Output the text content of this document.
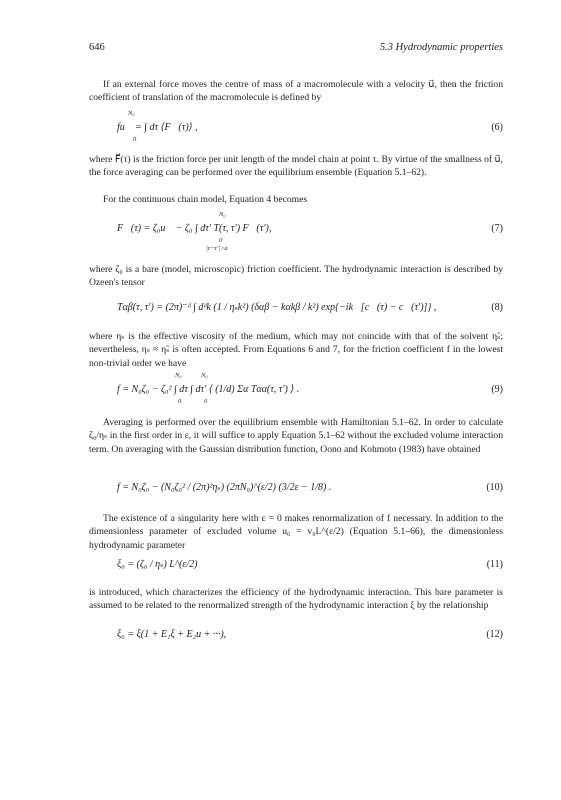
646	5.3 Hydrodynamic properties

If an external force moves the centre of mass of a macromolecule with a velocity u⃗, then the friction coefficient of translation of the macromolecule is defined by

N₀
fu⃗ = ∫ dτ ⟨F⃗(τ)⟩ ,
0
(6)

where F⃗(τ) is the friction force per unit length of the model chain at point τ. By virtue of the smallness of u⃗, the force averaging can be performed over the equilibrium ensemble (Equation 5.1–62).

For the continuous chain model, Equation 4 becomes

N₀
F⃗(τ) = ζ₀u⃗ − ζ₀ ∫ dτ′ T(τ, τ′) F⃗(τ′),
0
|τ−τ′|>a
(7)

where ζ₀ is a bare (model, microscopic) friction coefficient. The hydrodynamic interaction is described by Ozeen's tensor

Tαβ(τ, τ′) = (2π)⁻ᵈ ∫ dᵈk (1 / ηₛk²) (δαβ − kαkβ / k²) exp{−ik⃗[c⃗(τ) − c⃗(τ′)]} ,	(8)

where ηₛ is the effective viscosity of the medium, which may not coincide with that of the solvent η̃ₛ; nevertheless, ηₛ ≈ η̃ₛ is often accepted. From Equations 6 and 7, for the friction coefficient f in the lowest non-trivial order we have

N₀	N₀
f = N₀ζ₀ − ζ₀² ∫ dτ ∫ dτ′ ⟨ (1/d) Σα Tαα(τ, τ′) ⟩ .
0	0
(9)

Averaging is performed over the equilibrium ensemble with Hamiltonian 5.1–62. In order to calculate ζ₀/ηₛ in the first order in ε, it will suffice to apply Equation 5.1–62 without the excluded volume interaction term. On averaging with the Gaussian distribution function, Oono and Kohmoto (1983) have obtained

f = N₀ζ₀ − (N₀ζ₀² / (2π)²ηₛ) (2πN₀)^(ε/2) (3/2ε − 1/8) .	(10)

The existence of a singularity here with ε = 0 makes renormalization of f necessary. In addition to the dimensionless parameter of excluded volume u₀ = v₀L^(ε/2) (Equation 5.1–66), the dimensionless hydrodynamic parameter

ξ₀ = (ζ₀ / ηₛ) L^(ε/2)	(11)

is introduced, which characterizes the efficiency of the hydrodynamic interaction. This bare parameter is assumed to be related to the renormalized strength of the hydrodynamic interaction ξ by the relationship

ξ₀ = ξ(1 + E₁ξ + E₂u + ···),	(12)
